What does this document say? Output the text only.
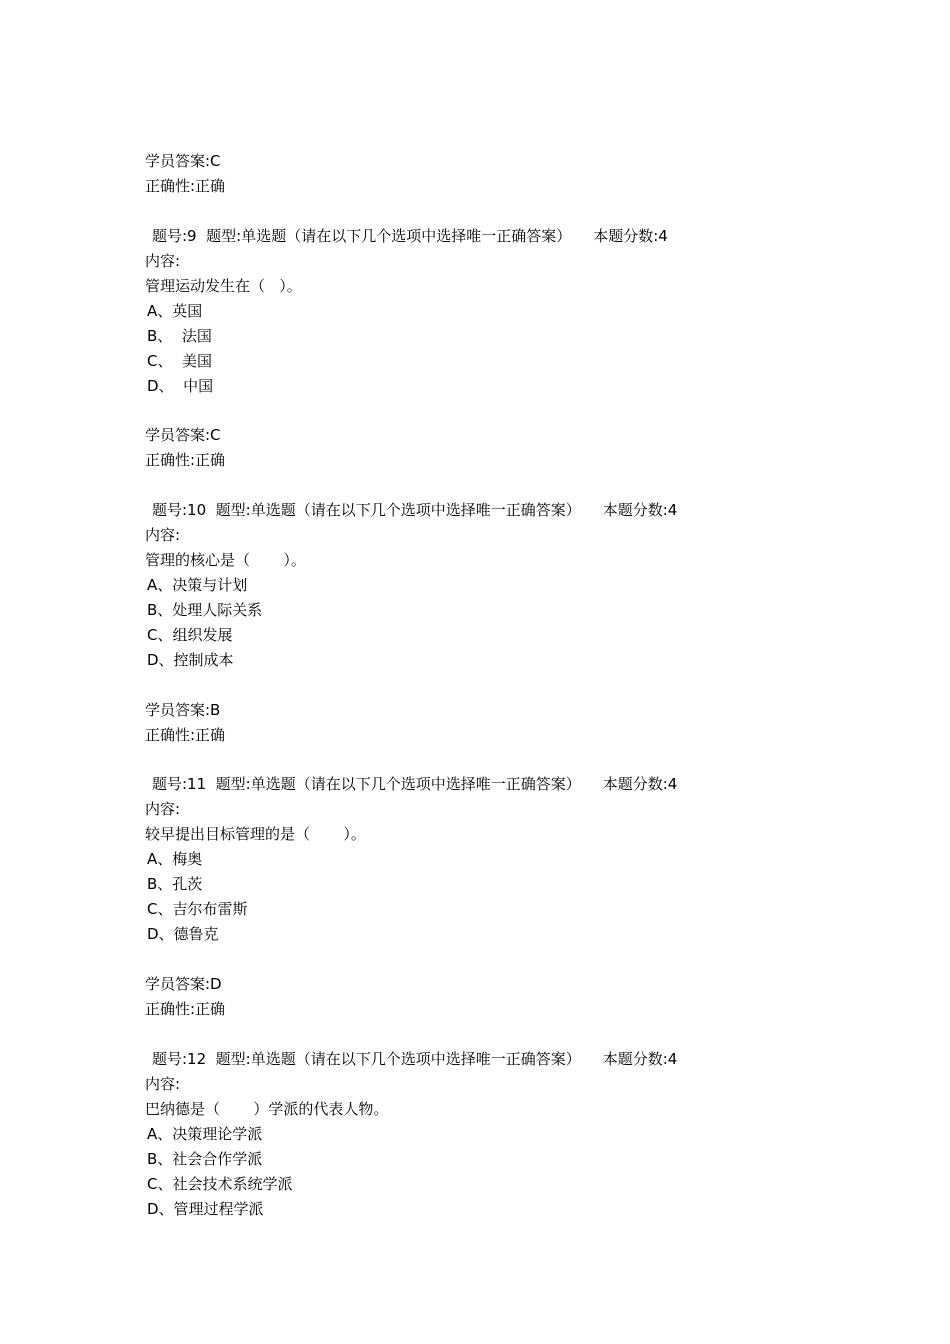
学员答案:C
正确性:正确
题号:9  题型:单选题（请在以下几个选项中选择唯一正确答案） 本题分数:4
内容:
管理运动发生在（   ）。
A、英国
B、  法国
C、  美国
D、  中国
学员答案:C
正确性:正确
题号:10  题型:单选题（请在以下几个选项中选择唯一正确答案） 本题分数:4
内容:
管理的核心是（       ）。
A、决策与计划
B、处理人际关系
C、组织发展
D、控制成本
学员答案:B
正确性:正确
题号:11  题型:单选题（请在以下几个选项中选择唯一正确答案） 本题分数:4
内容:
较早提出目标管理的是（       ）。
A、梅奥
B、孔茨
C、吉尔布雷斯
D、德鲁克
学员答案:D
正确性:正确
题号:12  题型:单选题（请在以下几个选项中选择唯一正确答案） 本题分数:4
内容:
巴纳德是（       ）学派的代表人物。
A、决策理论学派
B、社会合作学派
C、社会技术系统学派
D、管理过程学派
